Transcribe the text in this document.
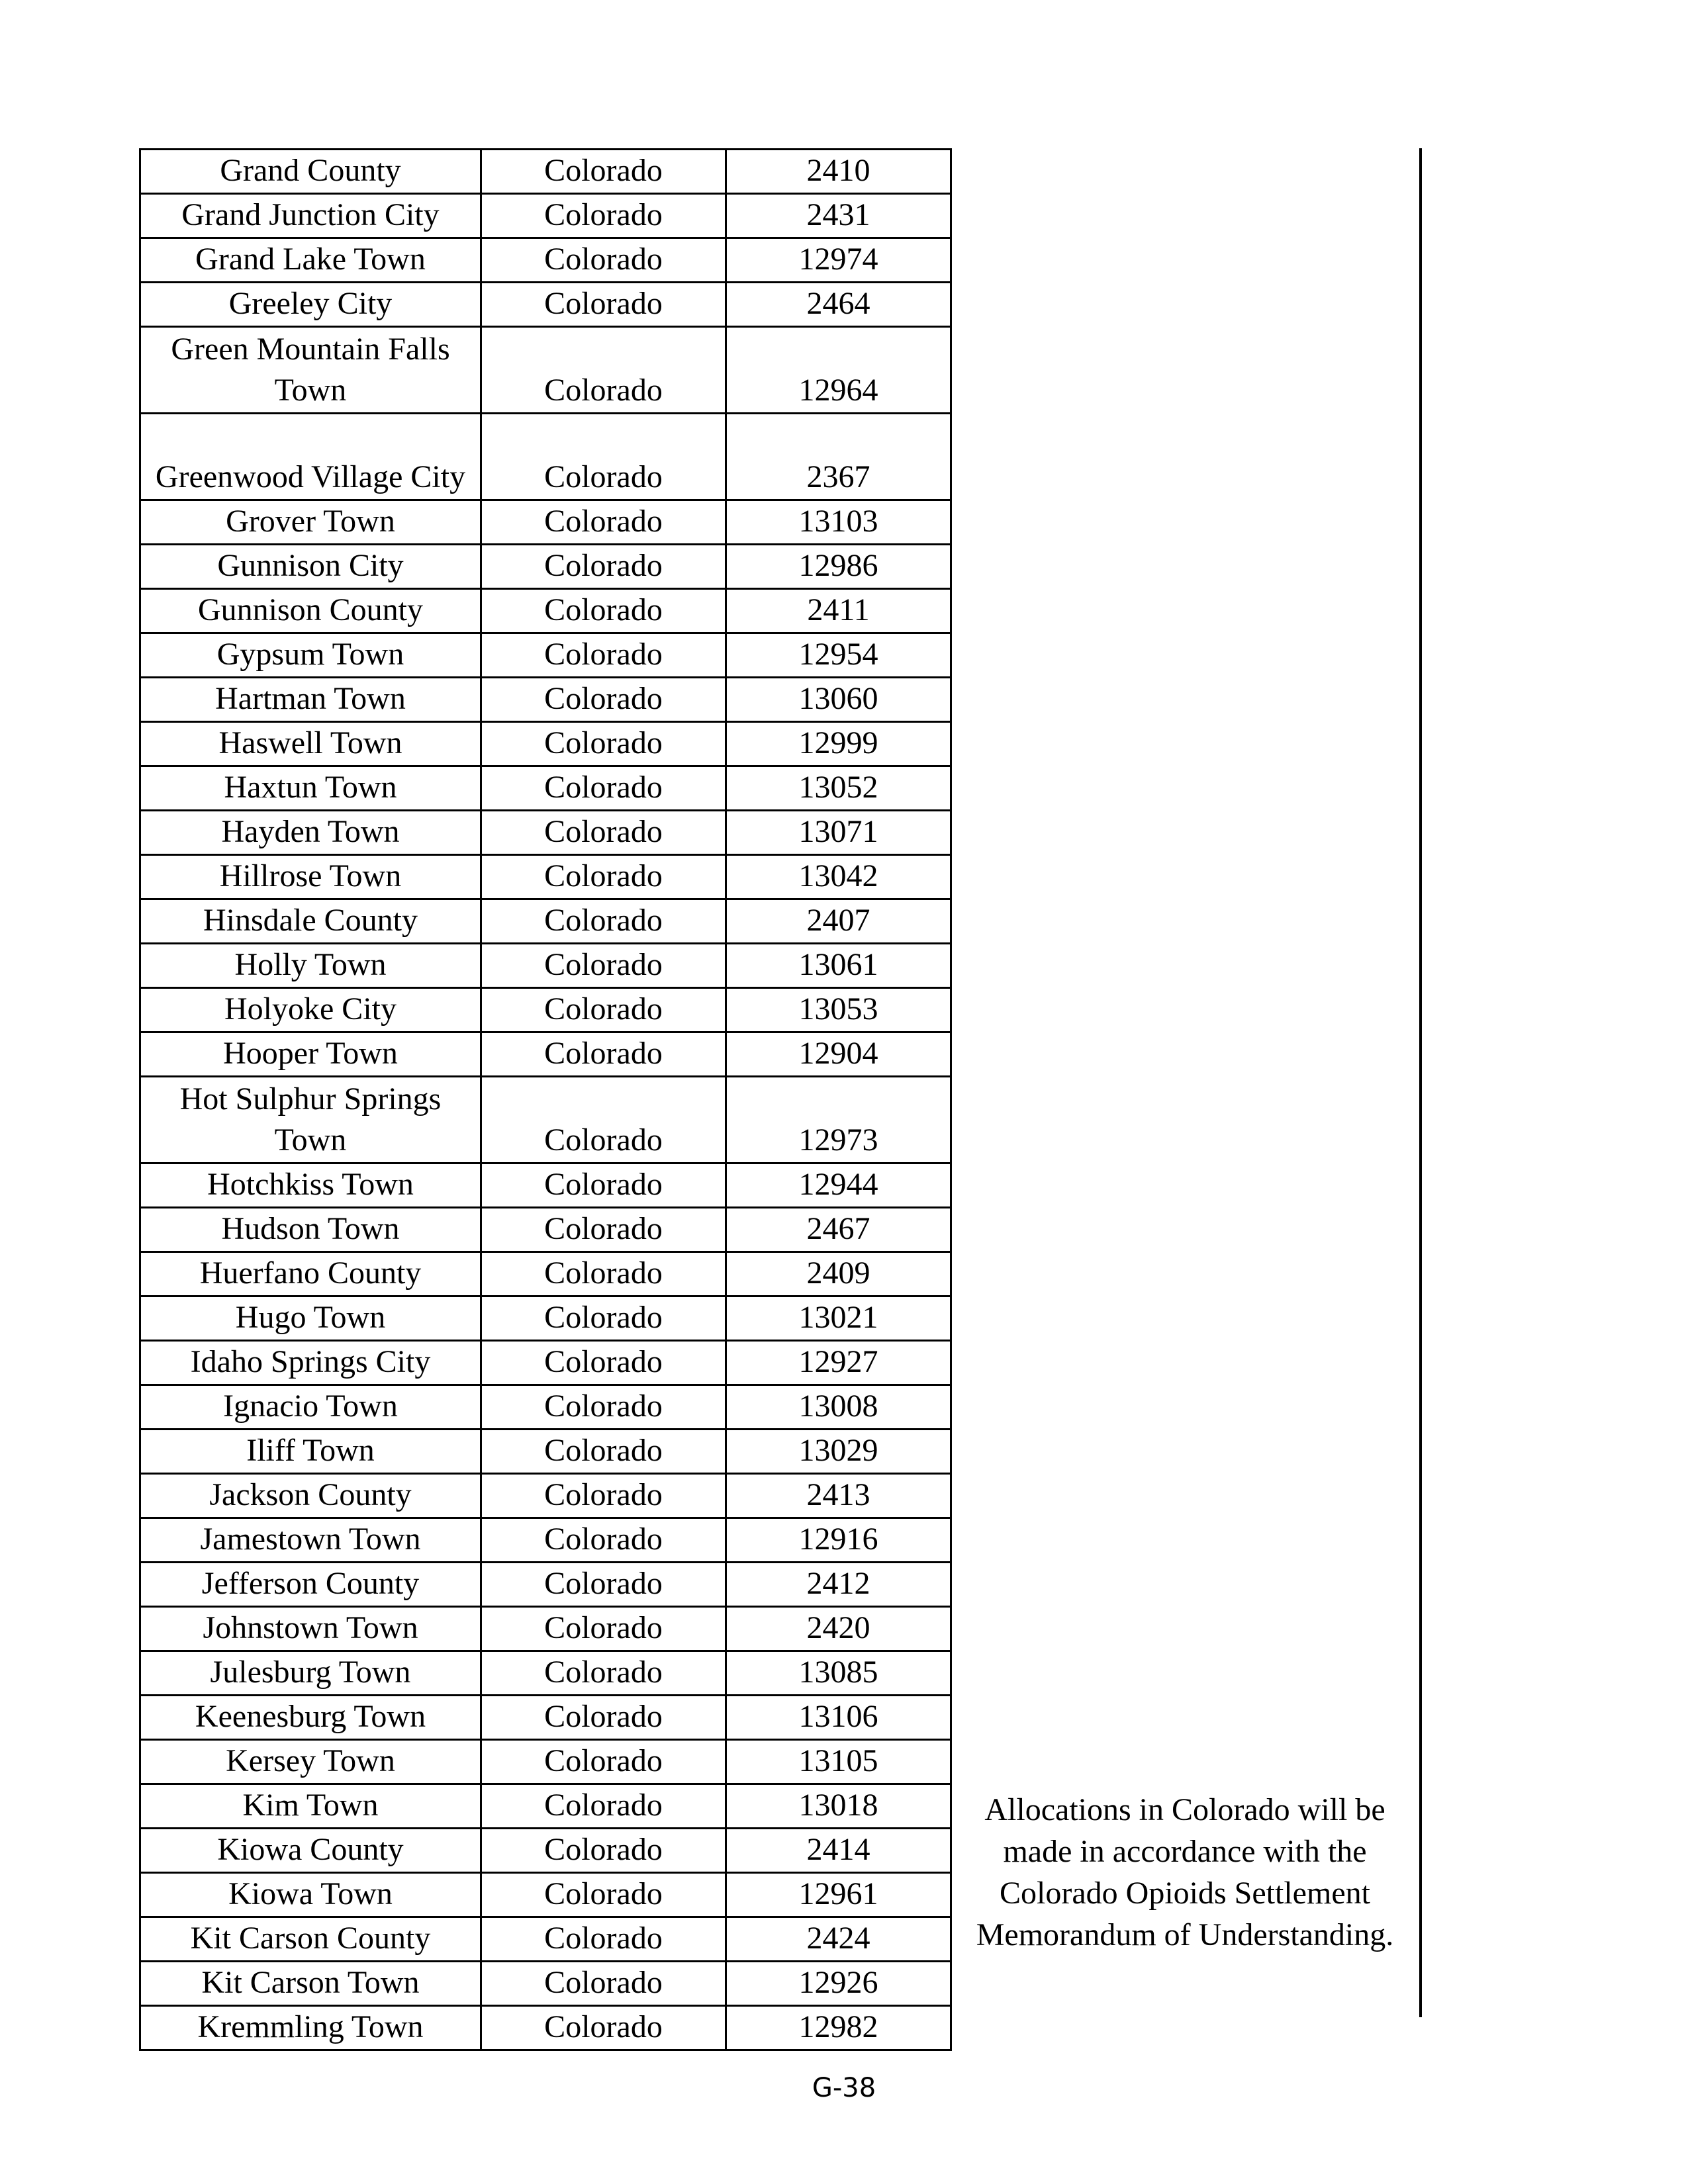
Grand County	Colorado	2410
Grand Junction City	Colorado	2431
Grand Lake Town	Colorado	12974
Greeley City	Colorado	2464
Green Mountain Falls Town	Colorado	12964
Greenwood Village City	Colorado	2367
Grover Town	Colorado	13103
Gunnison City	Colorado	12986
Gunnison County	Colorado	2411
Gypsum Town	Colorado	12954
Hartman Town	Colorado	13060
Haswell Town	Colorado	12999
Haxtun Town	Colorado	13052
Hayden Town	Colorado	13071
Hillrose Town	Colorado	13042
Hinsdale County	Colorado	2407
Holly Town	Colorado	13061
Holyoke City	Colorado	13053
Hooper Town	Colorado	12904
Hot Sulphur Springs Town	Colorado	12973
Hotchkiss Town	Colorado	12944
Hudson Town	Colorado	2467
Huerfano County	Colorado	2409
Hugo Town	Colorado	13021
Idaho Springs City	Colorado	12927
Ignacio Town	Colorado	13008
Iliff Town	Colorado	13029
Jackson County	Colorado	2413
Jamestown Town	Colorado	12916
Jefferson County	Colorado	2412
Johnstown Town	Colorado	2420
Julesburg Town	Colorado	13085
Keenesburg Town	Colorado	13106
Kersey Town	Colorado	13105
Kim Town	Colorado	13018
Kiowa County	Colorado	2414
Kiowa Town	Colorado	12961
Kit Carson County	Colorado	2424
Kit Carson Town	Colorado	12926
Kremmling Town	Colorado	12982
Allocations in Colorado will be
made in accordance with the
Colorado Opioids Settlement
Memorandum of Understanding.
G-38
